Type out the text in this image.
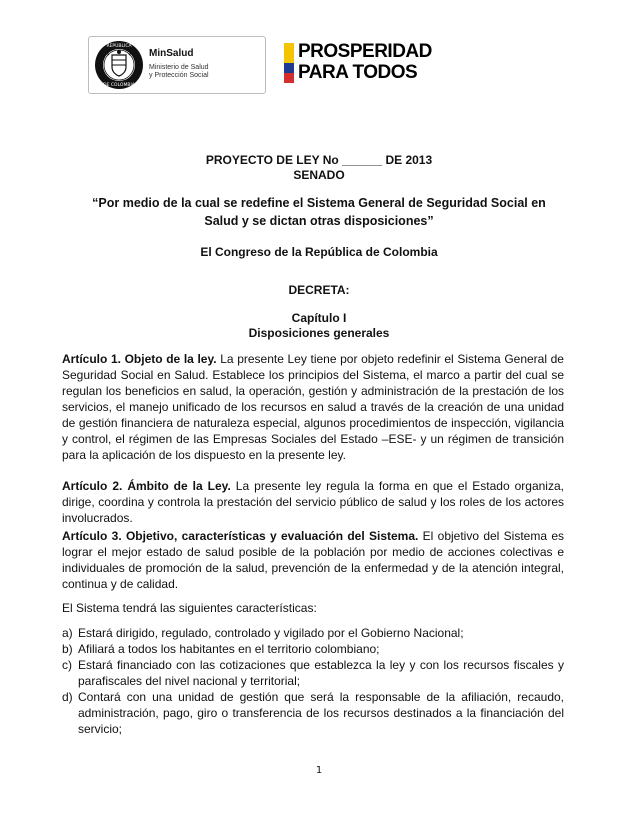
REPÚBLICA
DE COLOMBIA
MinSalud
Ministerio de Salud
y Protección Social
PROSPERIDAD
PARA TODOS
PROYECTO DE LEY No ______ DE 2013
SENADO
“Por medio de la cual se redefine el Sistema General de Seguridad Social en Salud y se dictan otras disposiciones”
El Congreso de la República de Colombia
DECRETA:
Capítulo I
Disposiciones generales

Artículo 1. Objeto de la ley. La presente Ley tiene por objeto redefinir el Sistema General de Seguridad Social en Salud. Establece los principios del Sistema, el marco a partir del cual se regulan los beneficios en salud, la operación, gestión y administración de la prestación de los servicios, el manejo unificado de los recursos en salud a través de la creación de una unidad de gestión financiera de naturaleza especial, algunos procedimientos de inspección, vigilancia y control, el régimen de las Empresas Sociales del Estado –ESE- y un régimen de transición para la aplicación de los dispuesto en la presente ley.

Artículo 2. Ámbito de la Ley. La presente ley regula la forma en que el Estado organiza, dirige, coordina y controla la prestación del servicio público de salud y los roles de los actores involucrados.

Artículo 3. Objetivo, características y evaluación del Sistema. El objetivo del Sistema es lograr el mejor estado de salud posible de la población por medio de acciones colectivas e individuales de promoción de la salud, prevención de la enfermedad y de la atención integral, continua y de calidad.

El Sistema tendrá las siguientes características:
a) Estará dirigido, regulado, controlado y vigilado por el Gobierno Nacional;
b) Afiliará a todos los habitantes en el territorio colombiano;
c) Estará financiado con las cotizaciones que establezca la ley y con los recursos fiscales y parafiscales del nivel nacional y territorial;
d) Contará con una unidad de gestión que será la responsable de la afiliación, recaudo, administración, pago, giro o transferencia de los recursos destinados a la financiación del servicio;
1
